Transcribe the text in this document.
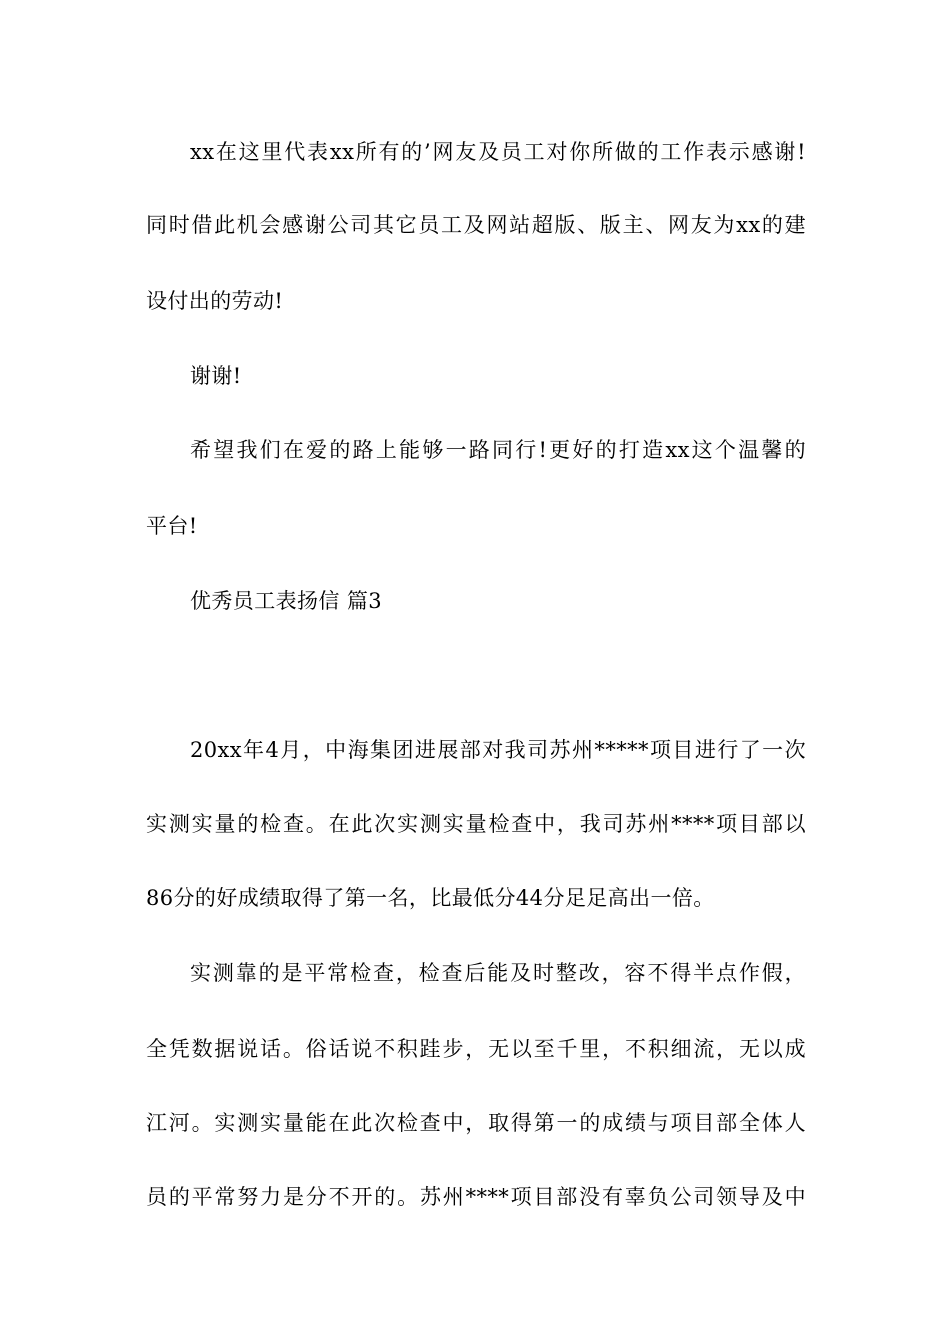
xx在这里代表xx所有的’网友及员工对你所做的工作表示感谢!
同时借此机会感谢公司其它员工及网站超版、版主、网友为xx的建
设付出的劳动!
谢谢!
希望我们在爱的路上能够一路同行!更好的打造xx这个温馨的
平台!
优秀员工表扬信 篇3
20xx年4月，中海集团进展部对我司苏州*****项目进行了一次
实测实量的检查。在此次实测实量检查中，我司苏州****项目部以
86分的好成绩取得了第一名，比最低分44分足足高出一倍。
实测靠的是平常检查，检查后能及时整改，容不得半点作假，
全凭数据说话。俗话说不积跬步，无以至千里，不积细流，无以成
江河。实测实量能在此次检查中，取得第一的成绩与项目部全体人
员的平常努力是分不开的。苏州****项目部没有辜负公司领导及中
